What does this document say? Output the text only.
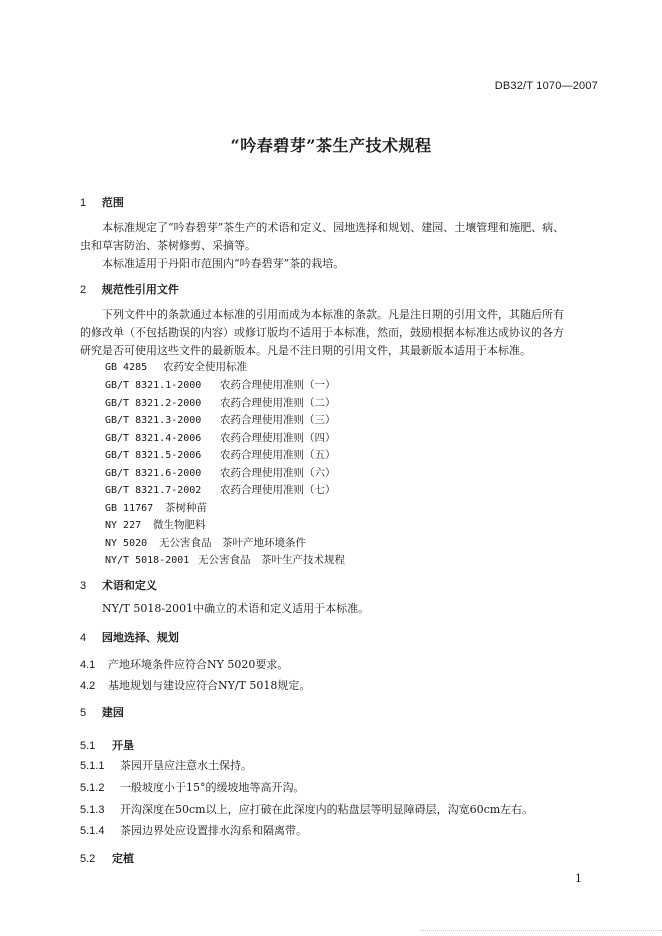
DB32/T 1070—2007
“吟春碧芽”茶生产技术规程
1 范围
本标准规定了“吟春碧芽”茶生产的术语和定义、园地选择和规划、建园、土壤管理和施肥、病、
虫和草害防治、茶树修剪、采摘等。
本标准适用于丹阳市范围内“吟春碧芽”茶的栽培。
2 规范性引用文件
下列文件中的条款通过本标准的引用而成为本标准的条款。凡是注日期的引用文件，其随后所有
的修改单（不包括勘误的内容）或修订版均不适用于本标准，然而，鼓励根据本标准达成协议的各方
研究是否可使用这些文件的最新版本。凡是不注日期的引用文件，其最新版本适用于本标准。
GB 4285 农药安全使用标准
GB/T 8321.1-2000 农药合理使用准则（一）
GB/T 8321.2-2000 农药合理使用准则（二）
GB/T 8321.3-2000 农药合理使用准则（三）
GB/T 8321.4-2006 农药合理使用准则（四）
GB/T 8321.5-2006 农药合理使用准则（五）
GB/T 8321.6-2000 农药合理使用准则（六）
GB/T 8321.7-2002 农药合理使用准则（七）
GB 11767 茶树种苗
NY 227 微生物肥料
NY 5020 无公害食品　茶叶产地环境条件
NY/T 5018-2001 无公害食品　茶叶生产技术规程
3 术语和定义
NY/T 5018-2001中确立的术语和定义适用于本标准。
4 园地选择、规划
4.1 产地环境条件应符合NY 5020要求。
4.2 基地规划与建设应符合NY/T 5018规定。
5 建园
5.1 开垦
5.1.1 茶园开垦应注意水土保持。
5.1.2 一般坡度小于15°的缓坡地等高开沟。
5.1.3 开沟深度在50cm以上，应打破在此深度内的粘盘层等明显障碍层，沟宽60cm左右。
5.1.4 茶园边界处应设置排水沟系和隔离带。
5.2 定植
1
